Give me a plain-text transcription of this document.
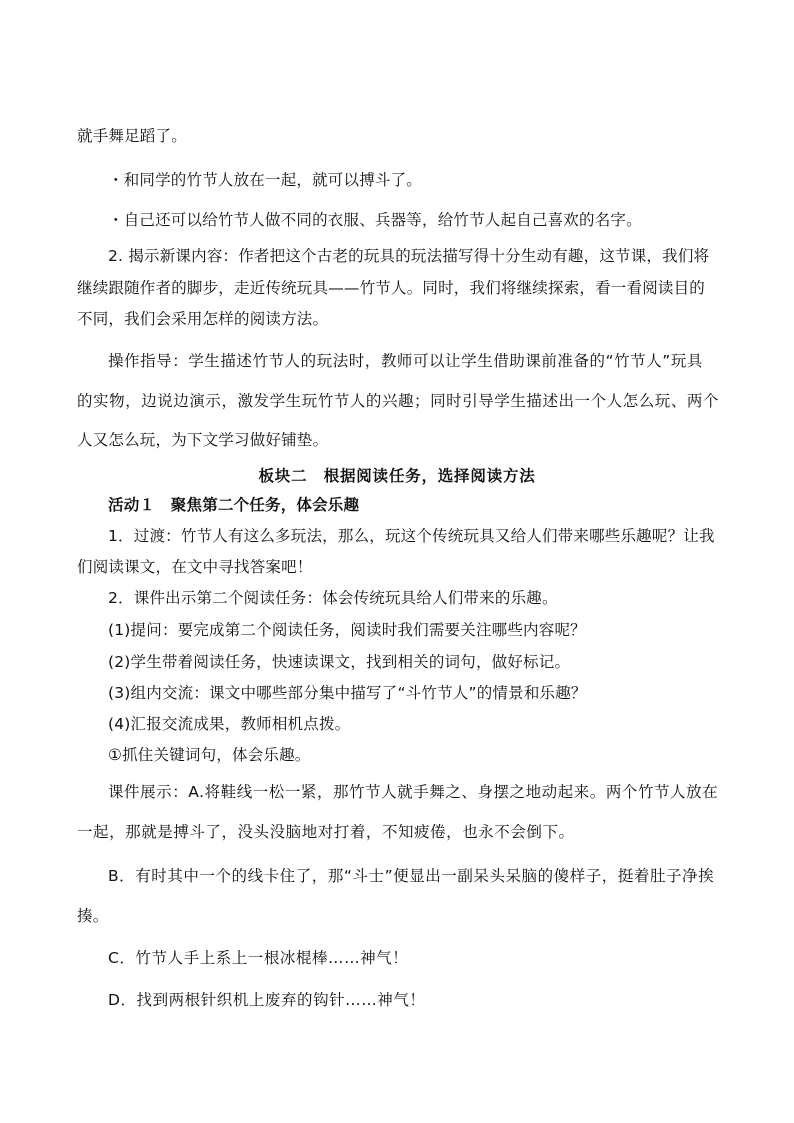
就手舞足蹈了。
・和同学的竹节人放在一起，就可以搏斗了。
・自己还可以给竹节人做不同的衣服、兵器等，给竹节人起自己喜欢的名字。
2. 揭示新课内容：作者把这个古老的玩具的玩法描写得十分生动有趣，这节课，我们将
继续跟随作者的脚步，走近传统玩具——竹节人。同时，我们将继续探索，看一看阅读目的
不同，我们会采用怎样的阅读方法。
操作指导：学生描述竹节人的玩法时，教师可以让学生借助课前准备的“竹节人”玩具
的实物，边说边演示，激发学生玩竹节人的兴趣；同时引导学生描述出一个人怎么玩、两个
人又怎么玩，为下文学习做好铺垫。
板块二　根据阅读任务，选择阅读方法
活动１　聚焦第二个任务，体会乐趣
1．过渡：竹节人有这么多玩法，那么，玩这个传统玩具又给人们带来哪些乐趣呢？让我
们阅读课文，在文中寻找答案吧！
2．课件出示第二个阅读任务：体会传统玩具给人们带来的乐趣。
(1)提问：要完成第二个阅读任务，阅读时我们需要关注哪些内容呢？
(2)学生带着阅读任务，快速读课文，找到相关的词句，做好标记。
(3)组内交流：课文中哪些部分集中描写了“斗竹节人”的情景和乐趣？
(4)汇报交流成果，教师相机点拨。
①抓住关键词句，体会乐趣。
课件展示：A.将鞋线一松一紧，那竹节人就手舞之、身摆之地动起来。两个竹节人放在
一起，那就是搏斗了，没头没脑地对打着，不知疲倦，也永不会倒下。
B．有时其中一个的线卡住了，那“斗士”便显出一副呆头呆脑的傻样子，挺着肚子净挨
揍。
C．竹节人手上系上一根冰棍棒……神气！
D．找到两根针织机上废弃的钩针……神气！
